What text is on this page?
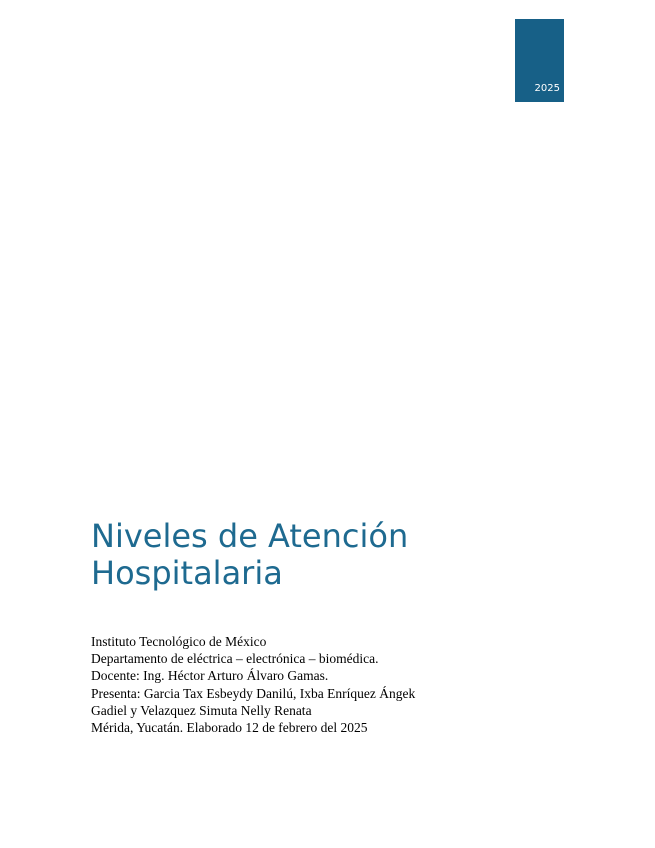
2025
Niveles de Atención
Hospitalaria
Instituto Tecnológico de México
Departamento de eléctrica – electrónica – biomédica.
Docente: Ing. Héctor Arturo Álvaro Gamas.
Presenta: Garcia Tax Esbeydy Danilú, Ixba Enríquez Ángek
Gadiel y Velazquez Simuta Nelly Renata
Mérida, Yucatán. Elaborado 12 de febrero del 2025
